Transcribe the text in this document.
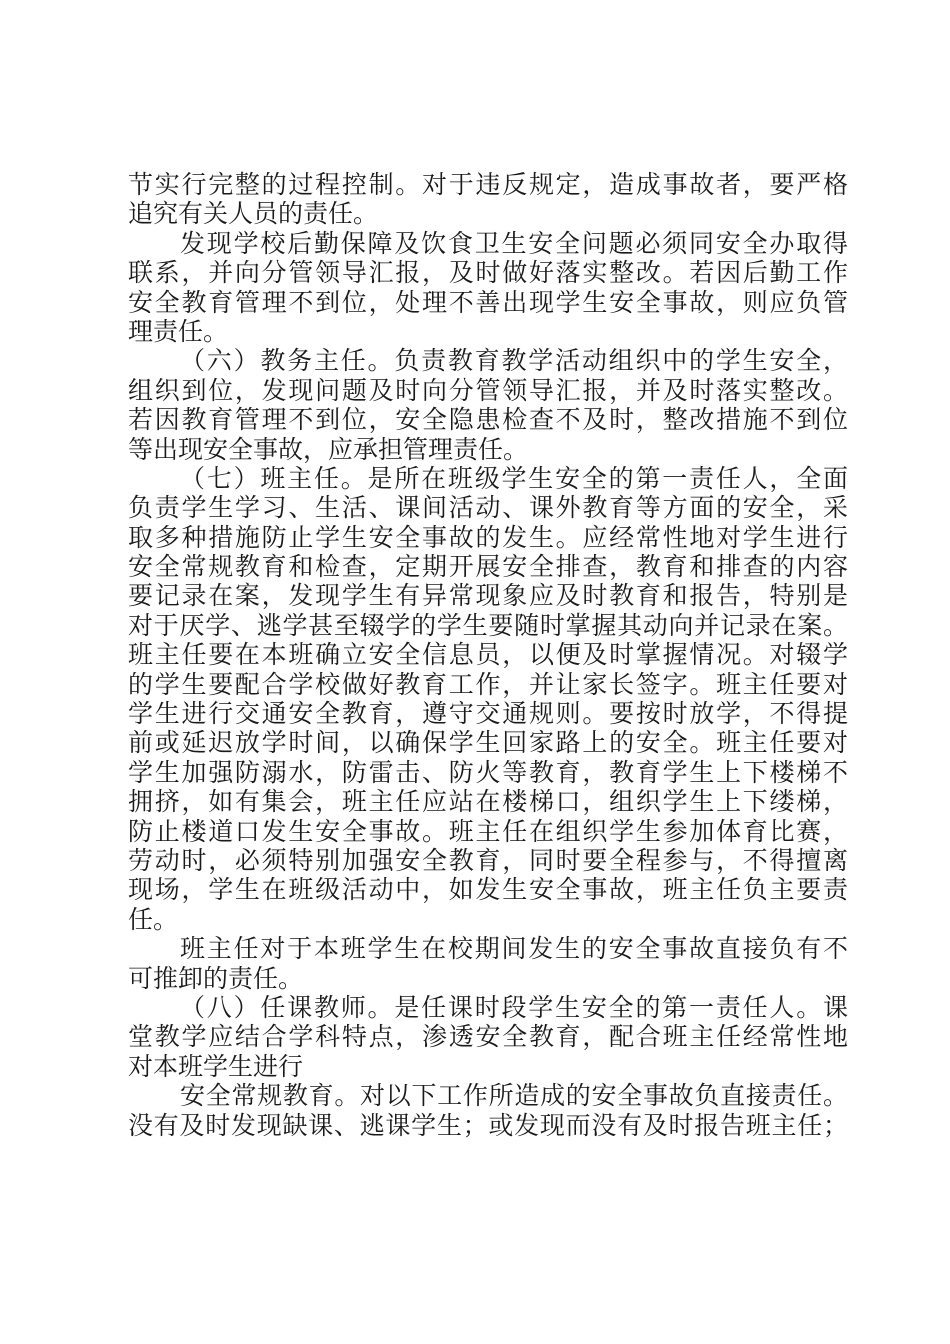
节实行完整的过程控制。对于违反规定，造成事故者，要严格
追究有关人员的责任。
发现学校后勤保障及饮食卫生安全问题必须同安全办取得
联系，并向分管领导汇报，及时做好落实整改。若因后勤工作
安全教育管理不到位，处理不善出现学生安全事故，则应负管
理责任。
（六）教务主任。负责教育教学活动组织中的学生安全，
组织到位，发现问题及时向分管领导汇报，并及时落实整改。
若因教育管理不到位，安全隐患检查不及时，整改措施不到位
等出现安全事故，应承担管理责任。
（七）班主任。是所在班级学生安全的第一责任人，全面
负责学生学习、生活、课间活动、课外教育等方面的安全，采
取多种措施防止学生安全事故的发生。应经常性地对学生进行
安全常规教育和检查，定期开展安全排查，教育和排查的内容
要记录在案，发现学生有异常现象应及时教育和报告，特别是
对于厌学、逃学甚至辍学的学生要随时掌握其动向并记录在案。
班主任要在本班确立安全信息员，以便及时掌握情况。对辍学
的学生要配合学校做好教育工作，并让家长签字。班主任要对
学生进行交通安全教育，遵守交通规则。要按时放学，不得提
前或延迟放学时间，以确保学生回家路上的安全。班主任要对
学生加强防溺水，防雷击、防火等教育，教育学生上下楼梯不
拥挤，如有集会，班主任应站在楼梯口，组织学生上下缕梯，
防止楼道口发生安全事故。班主任在组织学生参加体育比赛，
劳动时，必须特别加强安全教育，同时要全程参与，不得擅离
现场，学生在班级活动中，如发生安全事故，班主任负主要责
任。
班主任对于本班学生在校期间发生的安全事故直接负有不
可推卸的责任。
（八）任课教师。是任课时段学生安全的第一责任人。课
堂教学应结合学科特点，渗透安全教育，配合班主任经常性地
对本班学生进行
安全常规教育。对以下工作所造成的安全事故负直接责任。
没有及时发现缺课、逃课学生；或发现而没有及时报告班主任；
